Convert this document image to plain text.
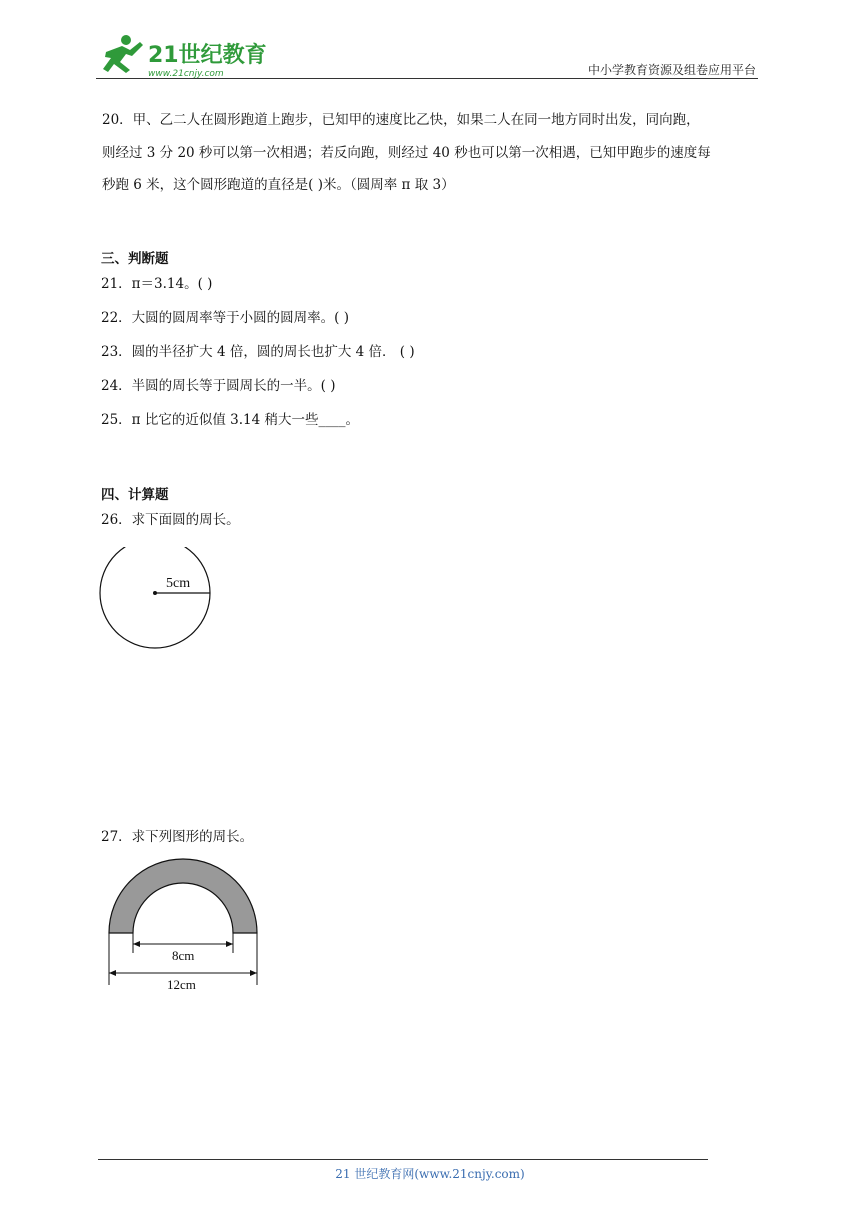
21世纪教育
www.21cnjy.com	中小学教育资源及组卷应用平台
20．甲、乙二人在圆形跑道上跑步，已知甲的速度比乙快，如果二人在同一地方同时出发，同向跑，
则经过 3 分 20 秒可以第一次相遇；若反向跑，则经过 40 秒也可以第一次相遇，已知甲跑步的速度每
秒跑 6 米，这个圆形跑道的直径是( )米。（圆周率 π 取 3）
三、判断题
21．π＝3.14。( )
22．大圆的圆周率等于小圆的圆周率。( )
23．圆的半径扩大 4 倍，圆的周长也扩大 4 倍． ( )
24．半圆的周长等于圆周长的一半。( )
25．π 比它的近似值 3.14 稍大一些____。
四、计算题
26．求下面圆的周长。
5cm
27．求下列图形的周长。
8cm
12cm
21 世纪教育网(www.21cnjy.com)
